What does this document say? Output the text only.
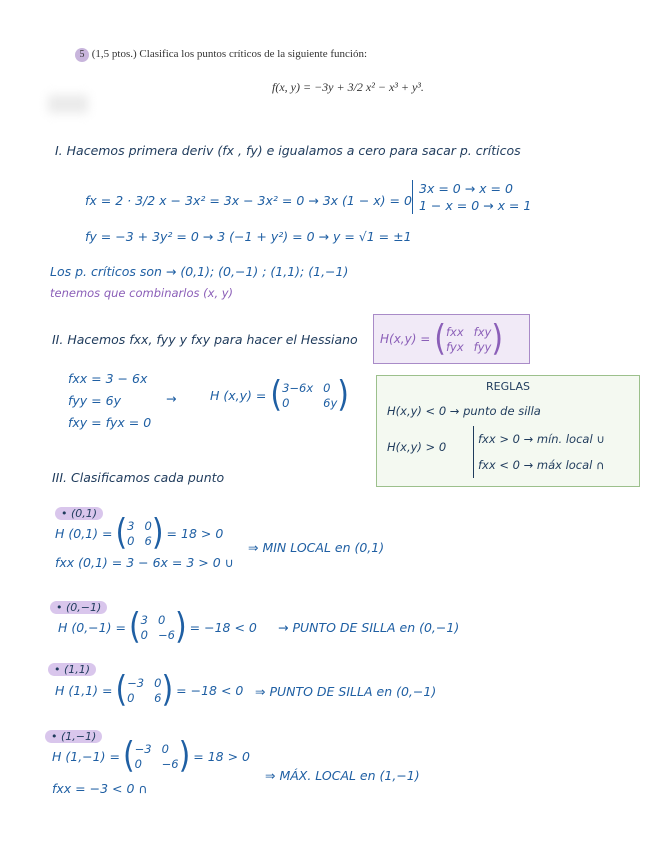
5 (1,5 ptos.) Clasifica los puntos críticos de la siguiente función:
f(x, y) = −3y + 3/2 x² − x³ + y³.
I. Hacemos primera deriv (fx , fy) e igualamos a cero para sacar p. críticos
fx = 2 · 3/2 x − 3x² = 3x − 3x² = 0 → 3x (1 − x) = 0
3x = 0 → x = 0
1 − x = 0 → x = 1
fy = −3 + 3y² = 0 → 3 (−1 + y²) = 0 → y = √1 = ±1
Los p. críticos son → (0,1); (0,−1) ; (1,1); (1,−1)
tenemos que combinarlos (x, y)
II. Hacemos fxx, fyy y fxy para hacer el Hessiano H(x,y) = ( fxx fxy
fyx fyy )
fxx = 3 − 6x
fyy = 6y
fxy = fyx = 0
→	H (x,y) = ( 3−6x 0
0	6y )	REGLAS
H(x,y) < 0 → punto de silla
H(x,y) > 0
fxx > 0 → mín. local ∪
fxx < 0 → máx local ∩
III. Clasificamos cada punto
• (0,1)
H (0,1) = ( 3 0
0 6 ) = 18 > 0
fxx (0,1) = 3 − 6x = 3 > 0 ∪
⇒ MIN LOCAL en (0,1)
• (0,−1)
H (0,−1) = ( 3 0
0 −6 ) = −18 < 0 → PUNTO DE SILLA en (0,−1)
• (1,1)
H (1,1) = ( −3 0
0	6 ) = −18 < 0 ⇒ PUNTO DE SILLA en (0,−1)
• (1,−1)
H (1,−1) = ( −3 0
0	−6 ) = 18 > 0
fxx = −3 < 0 ∩
⇒ MÁX. LOCAL en (1,−1)
